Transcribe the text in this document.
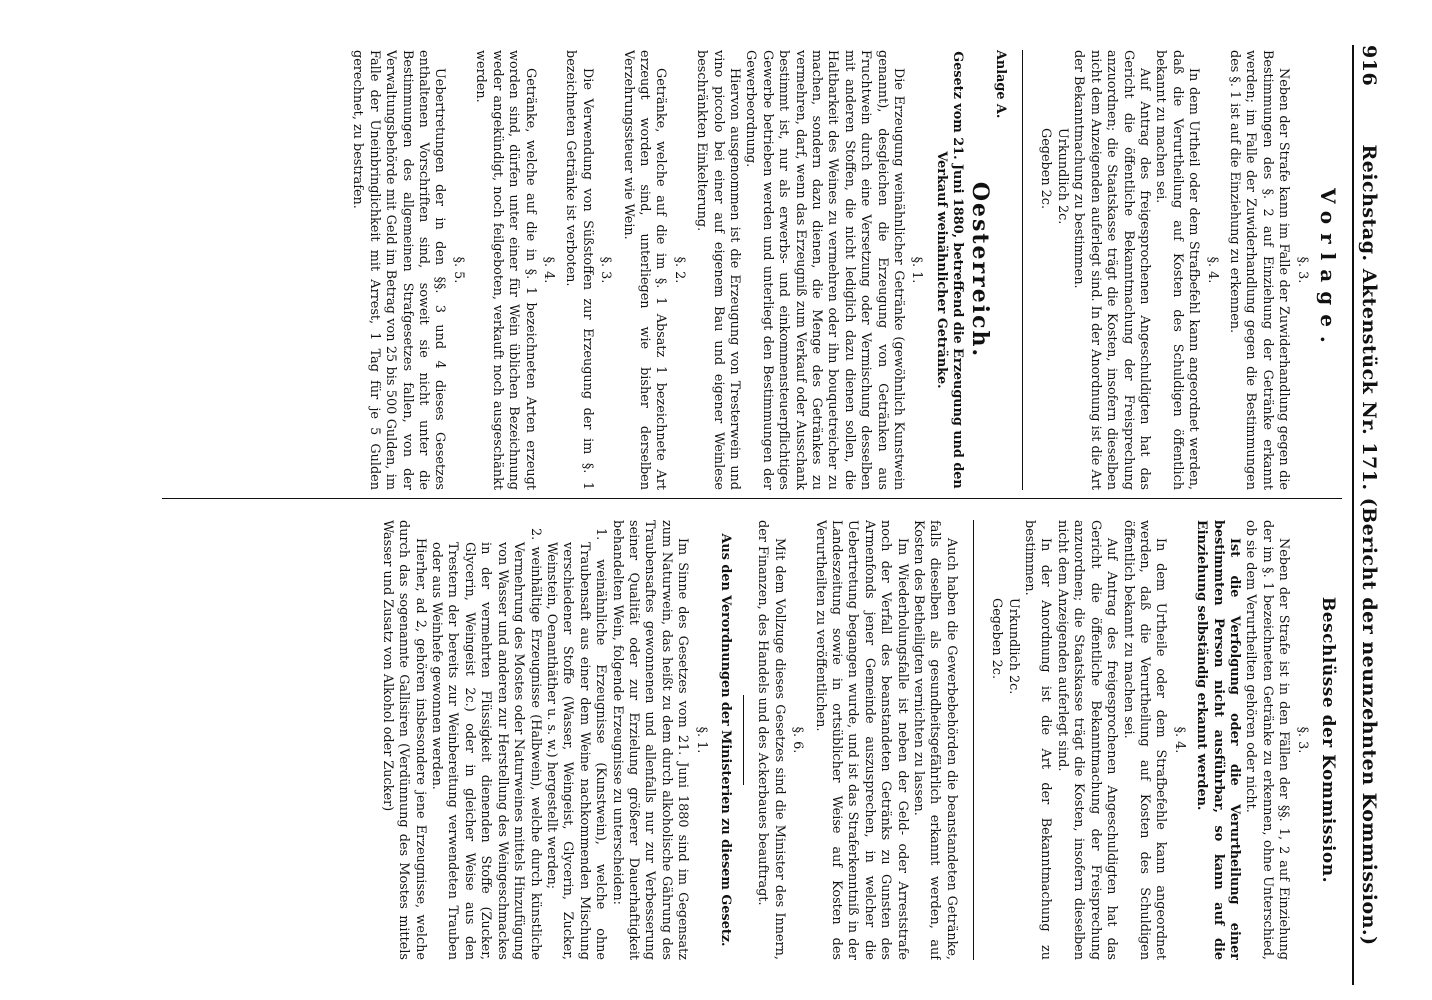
916
Reichstag. Aktenstück Nr. 171. (Bericht der neunzehnten Kommission.)
Vorlage.
§. 3.

Neben der Strafe kann im Falle der Zuwiderhandlung gegen die Bestimmungen des §. 2 auf Einziehung der Getränke erkannt werden; im Falle der Zuwiderhandlung gegen die Bestimmungen des §. 1 ist auf die Einziehung zu erkennen.

§. 4.

In dem Urtheil oder dem Strafbefehl kann angeordnet werden, daß die Verurtheilung auf Kosten des Schuldigen öffentlich bekannt zu machen sei.

Auf Antrag des freigesprochenen Angeschuldigten hat das Gericht die öffentliche Bekanntmachung der Freisprechung anzuordnen; die Staatskasse trägt die Kosten, insofern dieselben nicht dem Anzeigenden auferlegt sind. In der Anordnung ist die Art der Bekanntmachung zu bestimmen.

Urkundlich 2c.

Gegeben 2c.

Anlage A.
Oesterreich.
Gesetz vom 21. Juni 1880, betreffend die Erzeugung und den Verkauf weinähnlicher Getränke.
§. 1.

Die Erzeugung weinähnlicher Getränke (gewöhnlich Kunstwein genannt), desgleichen die Erzeugung von Getränken aus Fruchtwein durch eine Versetzung oder Vermischung desselben mit anderen Stoffen, die nicht lediglich dazu dienen sollen, die Haltbarkeit des Weines zu vermehren oder ihn bouquetreicher zu machen, sondern dazu dienen, die Menge des Getränkes zu vermehren, darf, wenn das Erzeugniß zum Verkauf oder Ausschank bestimmt ist, nur als erwerbs- und einkommensteuerpflichtiges Gewerbe betrieben werden und unterliegt den Bestimmungen der Gewerbeordnung.

Hiervon ausgenommen ist die Erzeugung von Tresterwein und vino piccolo bei einer auf eigenem Bau und eigener Weinlese beschränkten Einkelterung.

§. 2.

Getränke, welche auf die im §. 1 Absatz 1 bezeichnete Art erzeugt worden sind, unterliegen wie bisher derselben Verzehrungssteuer wie Wein.

§. 3.

Die Verwendung von Süßstoffen zur Erzeugung der im §. 1 bezeichneten Getränke ist verboten.

§. 4.

Getränke, welche auf die in §. 1 bezeichneten Arten erzeugt worden sind, dürfen unter einer für Wein üblichen Bezeichnung weder angekündigt, noch feilgeboten, verkauft noch ausgeschänkt werden.

§. 5.

Uebertretungen der in den §§. 3 und 4 dieses Gesetzes enthaltenen Vorschriften sind, soweit sie nicht unter die Bestimmungen des allgemeinen Strafgesetzes fallen, von der Verwaltungsbehörde mit Geld im Betrag von 25 bis 500 Gulden, im Falle der Uneinbringlichkeit mit Arrest, 1 Tag für je 5 Gulden gerechnet, zu bestrafen.

Beschlüsse der Kommission.
§. 3.

Neben der Strafe ist in den Fällen der §§. 1, 2 auf Einziehung der im §. 1 bezeichneten Getränke zu erkennen, ohne Unterschied, ob sie dem Verurtheilten gehören oder nicht.

Ist die Verfolgung oder die Verurtheilung einer bestimmten Person nicht ausführbar, so kann auf die Einziehung selbständig erkannt werden.

§. 4.

In dem Urtheile oder dem Strafbefehle kann angeordnet werden, daß die Verurtheilung auf Kosten des Schuldigen öffentlich bekannt zu machen sei.

Auf Antrag des freigesprochenen Angeschuldigten hat das Gericht die öffentliche Bekanntmachung der Freisprechung anzuordnen; die Staatskasse trägt die Kosten, insofern dieselben nicht dem Anzeigenden auferlegt sind.

In der Anordnung ist die Art der Bekanntmachung zu bestimmen.

Urkundlich 2c.

Gegeben 2c.

Auch haben die Gewerbebehörden die beanstandeten Getränke, falls dieselben als gesundheitsgefährlich erkannt werden, auf Kosten des Betheiligten vernichten zu lassen.

Im Wiederholungsfalle ist neben der Geld- oder Arreststrafe noch der Verfall des beanstandeten Getränks zu Gunsten des Armenfonds jener Gemeinde auszusprechen, in welcher die Uebertretung begangen wurde, und ist das Straferkenntniß in der Landeszeitung sowie in ortsüblicher Weise auf Kosten des Verurtheilten zu veröffentlichen.

§. 6.

Mit dem Vollzuge dieses Gesetzes sind die Minister des Innern, der Finanzen, des Handels und des Ackerbaues beauftragt.

Aus den Verordnungen der Ministerien zu diesem Gesetz.
§. 1.

Im Sinne des Gesetzes vom 21. Juni 1880 sind im Gegensatz zum Naturwein, das heißt zu dem durch alkoholische Gährung des Traubensaftes gewonnenen und allenfalls nur zur Verbesserung seiner Qualität oder zur Erzielung größerer Dauerhaftigkeit behandelten Wein, folgende Erzeugnisse zu unterscheiden:

1. weinähnliche Erzeugnisse (Kunstwein), welche ohne Traubensaft aus einer dem Weine nachkommenden Mischung verschiedener Stoffe (Wasser, Weingeist, Glycerin, Zucker, Weinstein, Oenanthäther u. s. w.) hergestellt werden;

2. weinhältige Erzeugnisse (Halbwein), welche durch künstliche Vermehrung des Mostes oder Naturweines mittels Hinzufügung von Wasser und anderen zur Herstellung des Weingeschmackes in der vermehrten Flüssigkeit dienenden Stoffe (Zucker, Glycerin, Weingeist 2c.) oder in gleicher Weise aus den Trestern der bereits zur Weinbereitung verwendeten Trauben oder aus Weinhefe gewonnen werden.

Hierher, ad 2, gehören insbesondere jene Erzeugnisse, welche durch das sogenannte Gallisiren (Verdünnung des Mostes mittels Wasser und Zusatz von Alkohol oder Zucker)
